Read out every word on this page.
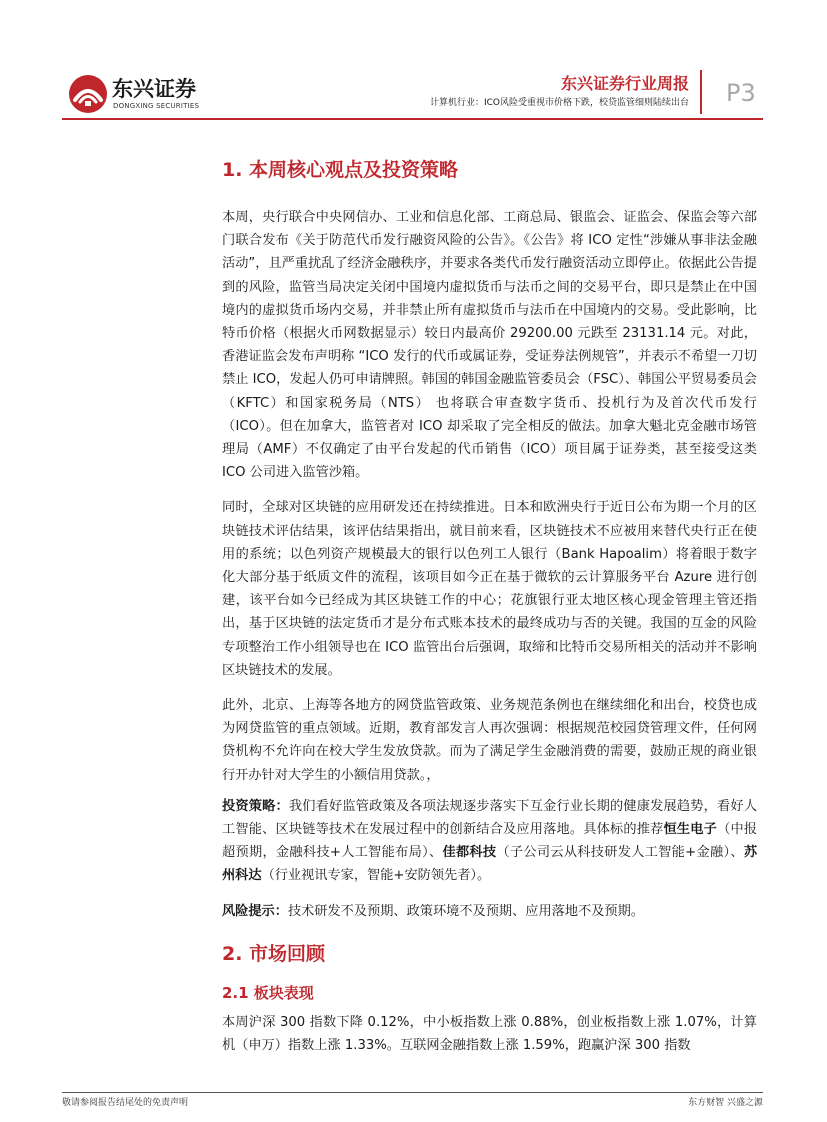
东兴证券
DONGXING SECURITIES
东兴证券行业周报
计算机行业：ICO风险受重视市价格下跌，校贷监管细则陆续出台 P3
1. 本周核心观点及投资策略

本周，央行联合中央网信办、工业和信息化部、工商总局、银监会、证监会、保监会等六部门联合发布《关于防范代币发行融资风险的公告》。《公告》将 ICO 定性“涉嫌从事非法金融活动”，且严重扰乱了经济金融秩序，并要求各类代币发行融资活动立即停止。依据此公告提到的风险，监管当局决定关闭中国境内虚拟货币与法币之间的交易平台，即只是禁止在中国境内的虚拟货币场内交易，并非禁止所有虚拟货币与法币在中国境内的交易。受此影响，比特币价格（根据火币网数据显示）较日内最高价 29200.00 元跌至 23131.14 元。对此，香港证监会发布声明称 “ICO 发行的代币或属证券，受证券法例规管”，并表示不希望一刀切禁止 ICO，发起人仍可申请牌照。韩国的韩国金融监管委员会（FSC）、韩国公平贸易委员会（KFTC）和国家税务局（NTS） 也将联合审查数字货币、投机行为及首次代币发行（ICO）。但在加拿大，监管者对 ICO 却采取了完全相反的做法。加拿大魁北克金融市场管理局（AMF）不仅确定了由平台发起的代币销售（ICO）项目属于证券类，甚至接受这类 ICO 公司进入监管沙箱。

同时，全球对区块链的应用研发还在持续推进。日本和欧洲央行于近日公布为期一个月的区块链技术评估结果，该评估结果指出，就目前来看，区块链技术不应被用来替代央行正在使用的系统；以色列资产规模最大的银行以色列工人银行（Bank Hapoalim）将着眼于数字化大部分基于纸质文件的流程，该项目如今正在基于微软的云计算服务平台 Azure 进行创建，该平台如今已经成为其区块链工作的中心；花旗银行亚太地区核心现金管理主管还指出，基于区块链的法定货币才是分布式账本技术的最终成功与否的关键。我国的互金的风险专项整治工作小组领导也在 ICO 监管出台后强调，取缔和比特币交易所相关的活动并不影响区块链技术的发展。

此外，北京、上海等各地方的网贷监管政策、业务规范条例也在继续细化和出台，校贷也成为网贷监管的重点领域。近期，教育部发言人再次强调：根据规范校园贷管理文件，任何网贷机构不允许向在校大学生发放贷款。而为了满足学生金融消费的需要，鼓励正规的商业银行开办针对大学生的小额信用贷款。，

投资策略：我们看好监管政策及各项法规逐步落实下互金行业长期的健康发展趋势，看好人工智能、区块链等技术在发展过程中的创新结合及应用落地。具体标的推荐恒生电子（中报超预期，金融科技+人工智能布局）、佳都科技（子公司云从科技研发人工智能+金融）、苏州科达（行业视讯专家，智能+安防领先者）。

风险提示：技术研发不及预期、政策环境不及预期、应用落地不及预期。

2. 市场回顾
2.1 板块表现

本周沪深 300 指数下降 0.12%，中小板指数上涨 0.88%，创业板指数上涨 1.07%，计算机（申万）指数上涨 1.33%。互联网金融指数上涨 1.59%，跑赢沪深 300 指数

敬请参阅报告结尾处的免责声明	东方财智 兴盛之源
